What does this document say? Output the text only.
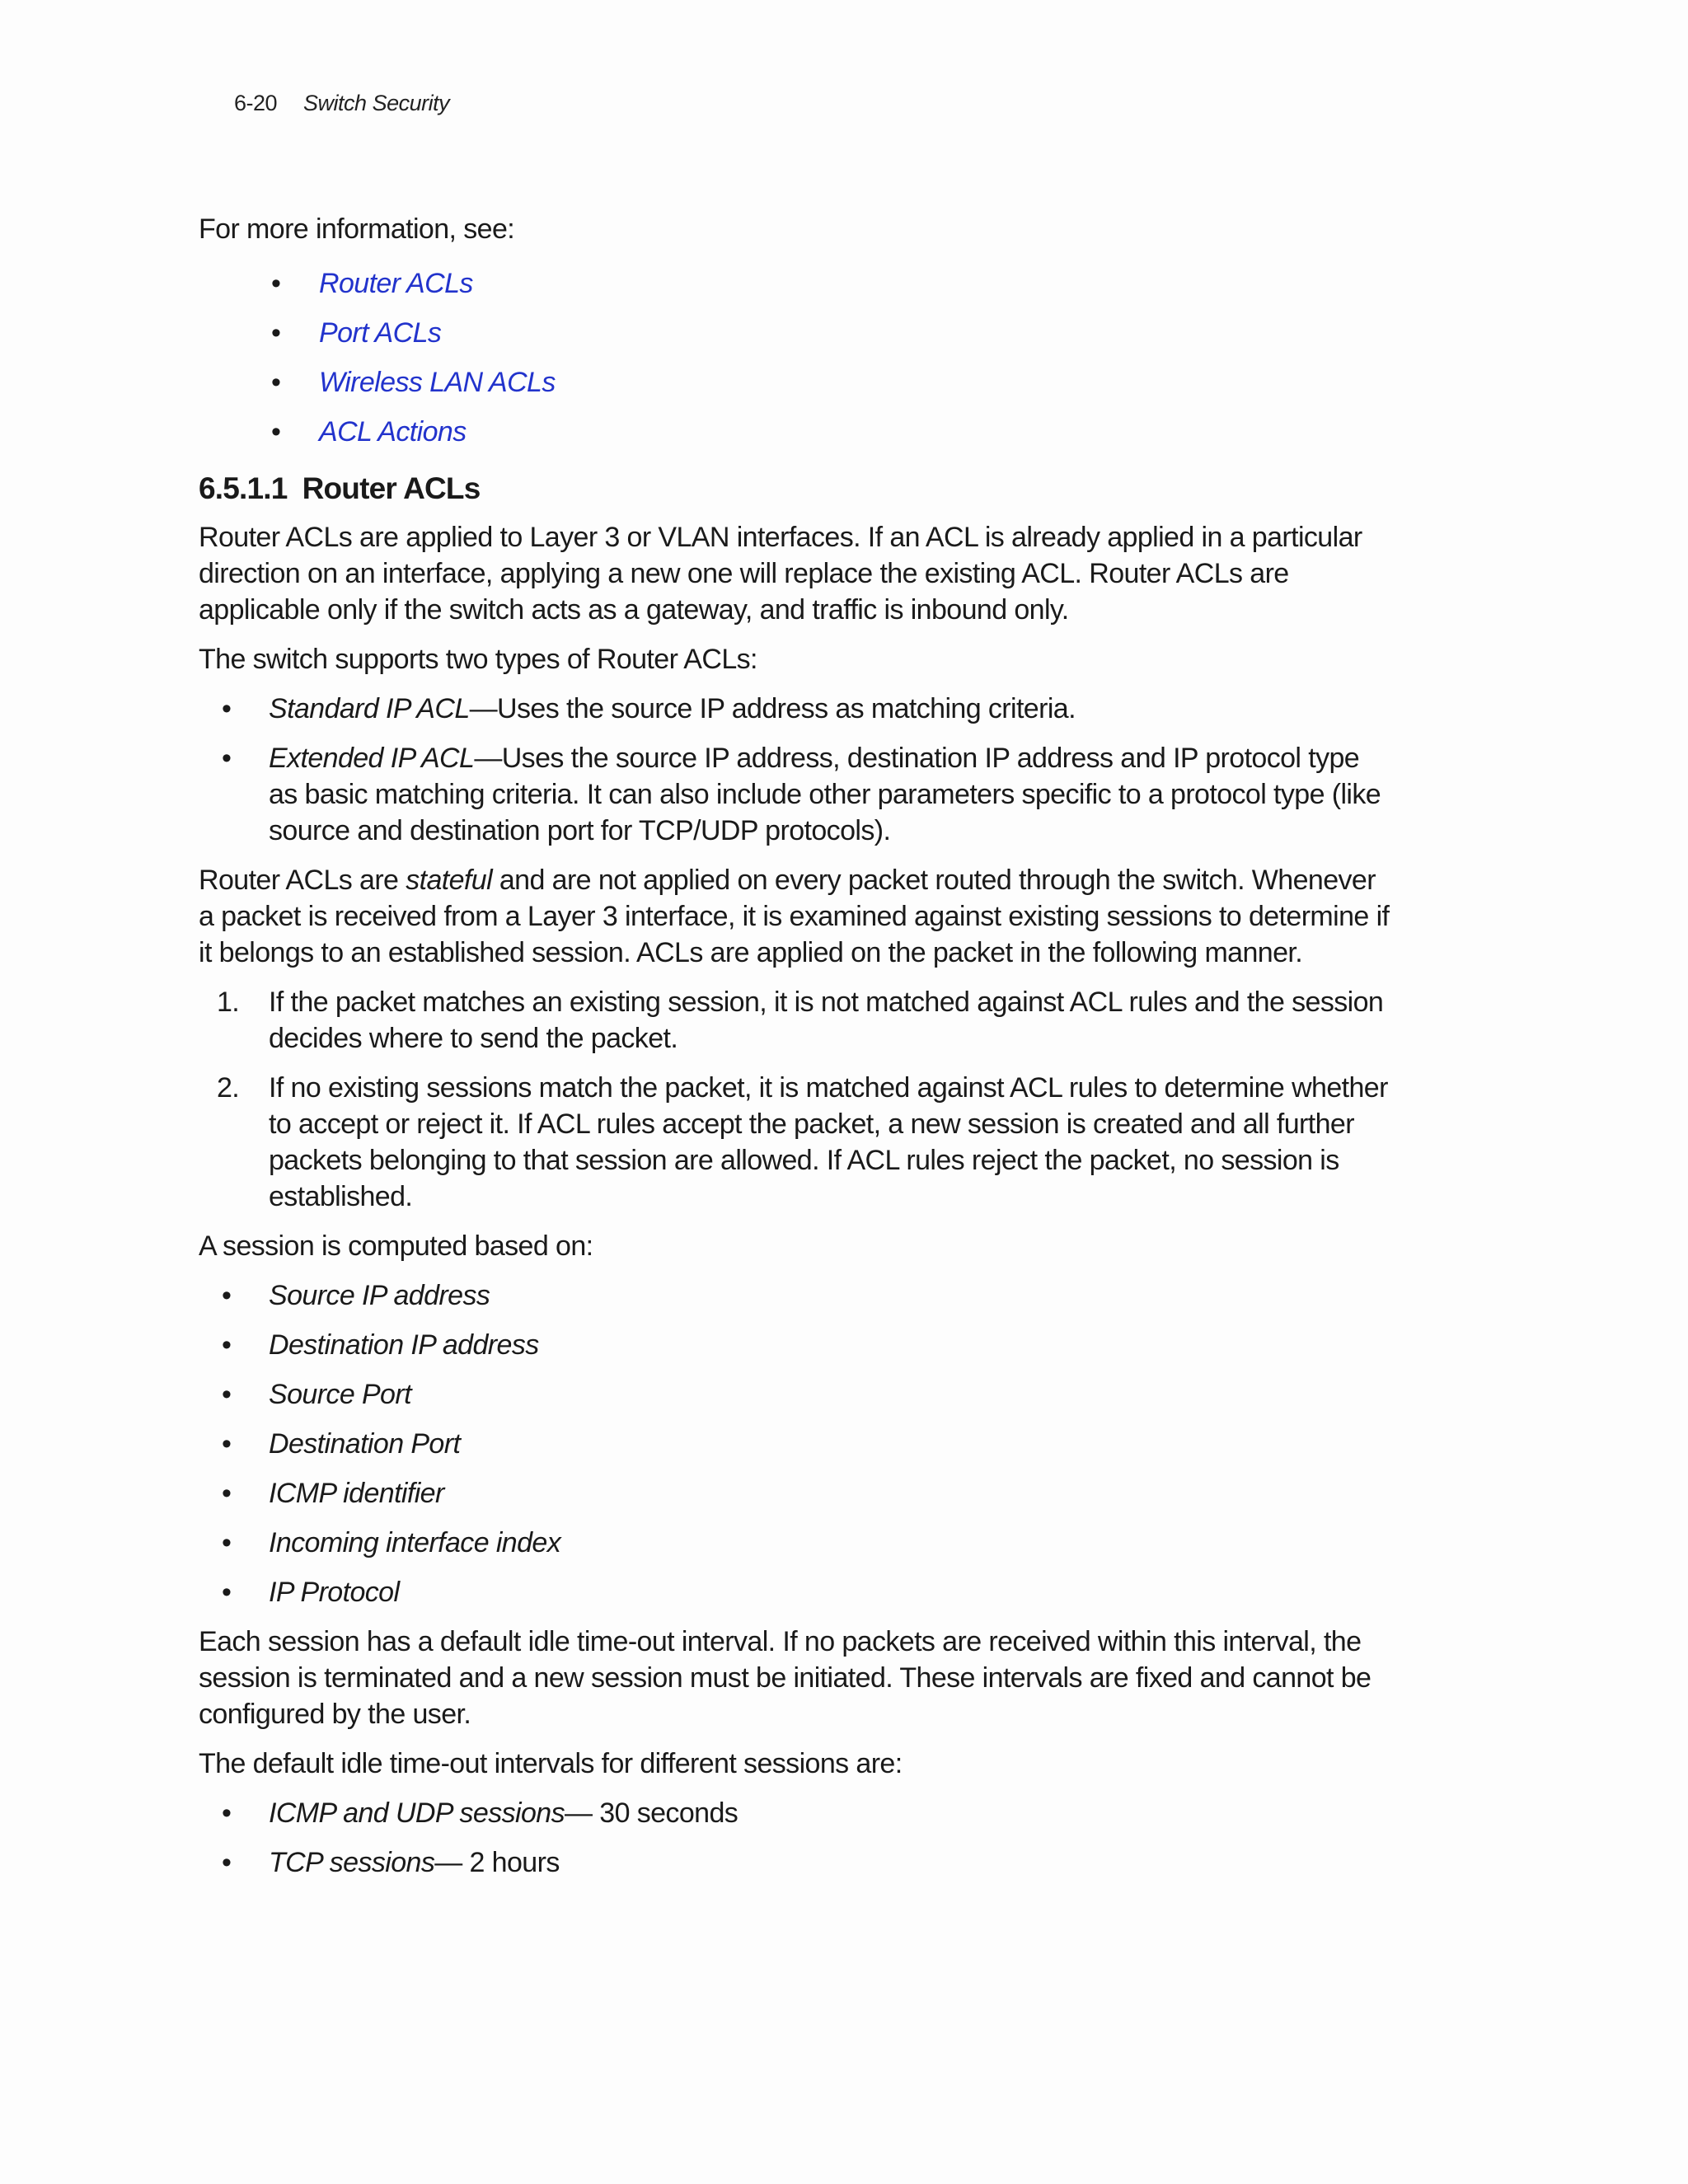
6-20 Switch Security

For more information, see:

• Router ACLs
• Port ACLs
• Wireless LAN ACLs
• ACL Actions
6.5.1.1 Router ACLs

Router ACLs are applied to Layer 3 or VLAN interfaces. If an ACL is already applied in a particular direction on an interface, applying a new one will replace the existing ACL. Router ACLs are applicable only if the switch acts as a gateway, and traffic is inbound only.

The switch supports two types of Router ACLs:

• Standard IP ACL—Uses the source IP address as matching criteria.
• Extended IP ACL—Uses the source IP address, destination IP address and IP protocol type as basic matching criteria. It can also include other parameters specific to a protocol type (like source and destination port for TCP/UDP protocols).

Router ACLs are stateful and are not applied on every packet routed through the switch. Whenever a packet is received from a Layer 3 interface, it is examined against existing sessions to determine if it belongs to an established session. ACLs are applied on the packet in the following manner.

1. If the packet matches an existing session, it is not matched against ACL rules and the session decides where to send the packet.
2. If no existing sessions match the packet, it is matched against ACL rules to determine whether to accept or reject it. If ACL rules accept the packet, a new session is created and all further packets belonging to that session are allowed. If ACL rules reject the packet, no session is established.

A session is computed based on:

• Source IP address
• Destination IP address
• Source Port
• Destination Port
• ICMP identifier
• Incoming interface index
• IP Protocol

Each session has a default idle time-out interval. If no packets are received within this interval, the session is terminated and a new session must be initiated. These intervals are fixed and cannot be configured by the user.

The default idle time-out intervals for different sessions are:

• ICMP and UDP sessions— 30 seconds
• TCP sessions— 2 hours
